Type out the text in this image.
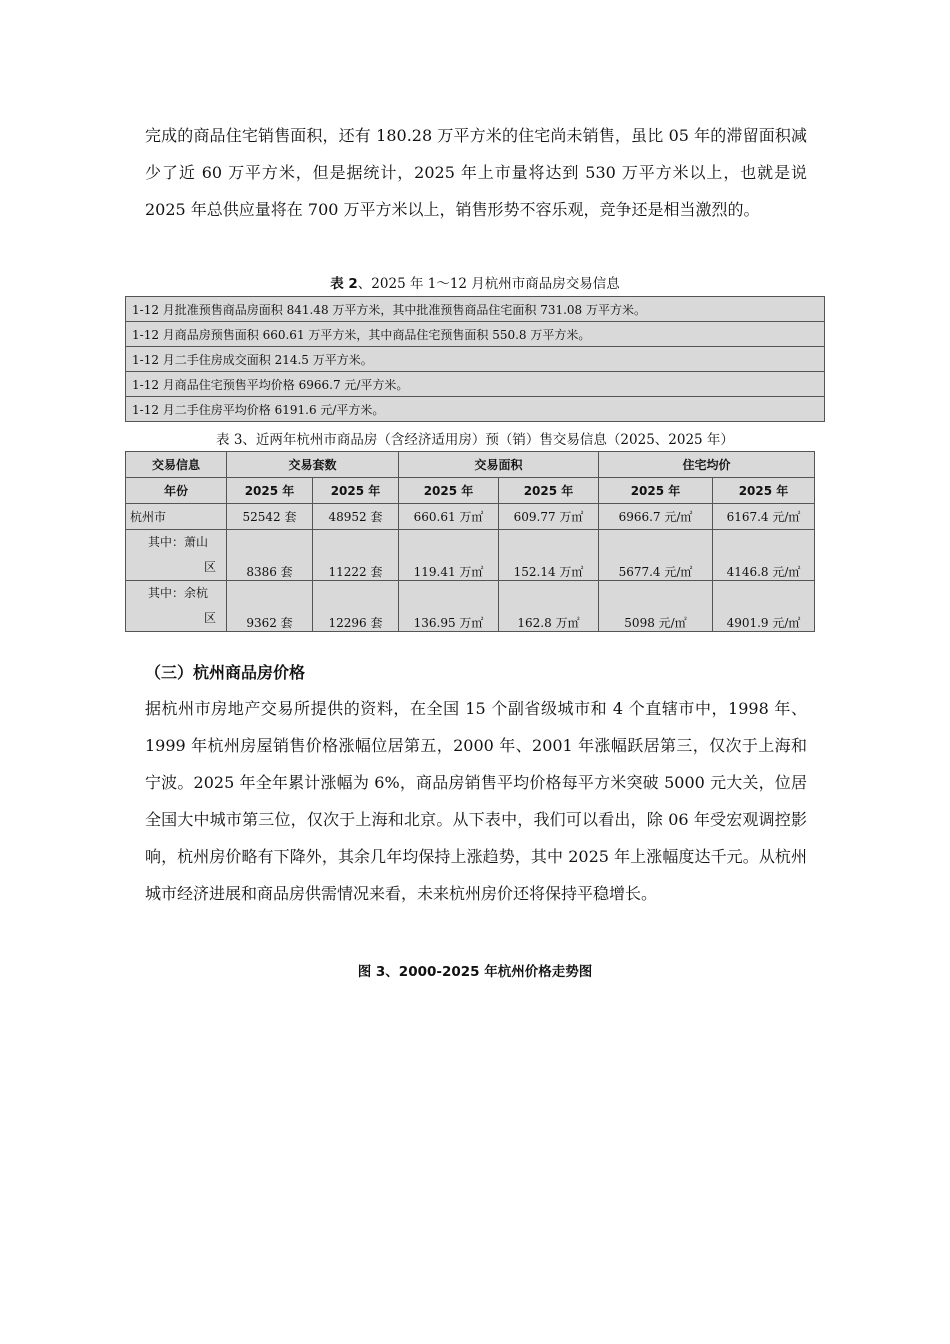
完成的商品住宅销售面积，还有 180.28 万平方米的住宅尚未销售，虽比 05 年的滞留面积减少了近 60 万平方米，但是据统计，2025 年上市量将达到 530 万平方米以上，也就是说 2025 年总供应量将在 700 万平方米以上，销售形势不容乐观，竞争还是相当激烈的。

表 2、2025 年 1～12 月杭州市商品房交易信息

1-12 月批准预售商品房面积 841.48 万平方米，其中批准预售商品住宅面积 731.08 万平方米。
1-12 月商品房预售面积 660.61 万平方米，其中商品住宅预售面积 550.8 万平方米。
1-12 月二手住房成交面积 214.5 万平方米。
1-12 月商品住宅预售平均价格 6966.7 元/平方米。
1-12 月二手住房平均价格 6191.6 元/平方米。

表 3、近两年杭州市商品房（含经济适用房）预（销）售交易信息（2025、2025 年）

交易信息	交易套数		交易面积		住宅均价	
年份	2025 年	2025 年	2025 年	2025 年	2025 年	2025 年
杭州市	52542 套	48952 套	660.61 万㎡	609.77 万㎡	6966.7 元/㎡	6167.4 元/㎡

其中：萧山
区	8386 套	11222 套	119.41 万㎡	152.14 万㎡	5677.4 元/㎡	4146.8 元/㎡

其中：余杭
区	9362 套	12296 套	136.95 万㎡	162.8 万㎡	5098 元/㎡	4901.9 元/㎡
（三）杭州商品房价格

据杭州市房地产交易所提供的资料，在全国 15 个副省级城市和 4 个直辖市中，1998 年、1999 年杭州房屋销售价格涨幅位居第五，2000 年、2001 年涨幅跃居第三，仅次于上海和宁波。2025 年全年累计涨幅为 6%，商品房销售平均价格每平方米突破 5000 元大关，位居全国大中城市第三位，仅次于上海和北京。从下表中，我们可以看出，除 06 年受宏观调控影响，杭州房价略有下降外，其余几年均保持上涨趋势，其中 2025 年上涨幅度达千元。从杭州城市经济进展和商品房供需情况来看，未来杭州房价还将保持平稳增长。

图 3、2000-2025 年杭州价格走势图
